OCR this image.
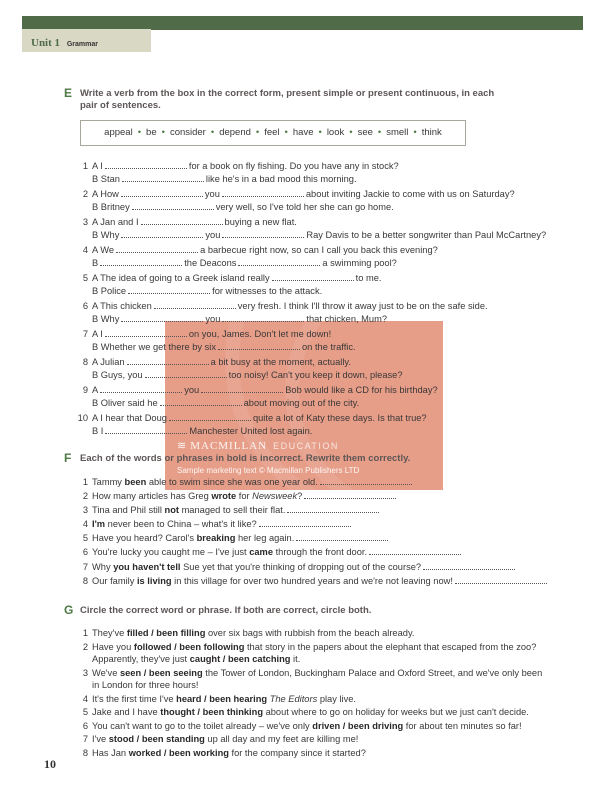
Unit 1 Grammar
≋ MACMILLAN EDUCATION
Sample marketing text © Macmillan Publishers LTD
E Write a verb from the box in the correct form, present simple or present continuous, in each pair of sentences.
appeal • be • consider • depend • feel • have • look • see • smell • think
1 A I	for a book on fly fishing. Do you have any in stock?
B Stan	like he's in a bad mood this morning.
2 A How	you	about inviting Jackie to come with us on Saturday?
B Britney	very well, so I've told her she can go home.
3 A Jan and I	buying a new flat.
B Why	you	Ray Davis to be a better songwriter than Paul McCartney?
4 A We	a barbecue right now, so can I call you back this evening?
B	the Deacons	a swimming pool?
5 A The idea of going to a Greek island really	to me.
B Police	for witnesses to the attack.
6 A This chicken	very fresh. I think I'll throw it away just to be on the safe side.
B Why	you	that chicken, Mum?
7 A I	on you, James. Don't let me down!
B Whether we get there by six	on the traffic.
8 A Julian	a bit busy at the moment, actually.
B Guys, you	too noisy! Can't you keep it down, please?
9 A	you	Bob would like a CD for his birthday?
B Oliver said he	about moving out of the city.
10 A I hear that Doug	quite a lot of Katy these days. Is that true?
B I	Manchester United lost again.
F Each of the words or phrases in bold is incorrect. Rewrite them correctly.
1 Tammy been able to swim since she was one year old.
2 How many articles has Greg wrote for Newsweek?
3 Tina and Phil still not managed to sell their flat.
4 I'm never been to China – what's it like?
5 Have you heard? Carol's breaking her leg again.
6 You're lucky you caught me – I've just came through the front door.
7 Why you haven't tell Sue yet that you're thinking of dropping out of the course?
8 Our family is living in this village for over two hundred years and we're not leaving now!
G Circle the correct word or phrase. If both are correct, circle both.
1 They've filled / been filling over six bags with rubbish from the beach already.
2 Have you followed / been following that story in the papers about the elephant that escaped from the zoo? Apparently, they've just caught / been catching it.
3 We've seen / been seeing the Tower of London, Buckingham Palace and Oxford Street, and we've only been in London for three hours!
4 It's the first time I've heard / been hearing The Editors play live.
5 Jake and I have thought / been thinking about where to go on holiday for weeks but we just can't decide.
6 You can't want to go to the toilet already – we've only driven / been driving for about ten minutes so far!
7 I've stood / been standing up all day and my feet are killing me!
8 Has Jan worked / been working for the company since it started?
10
